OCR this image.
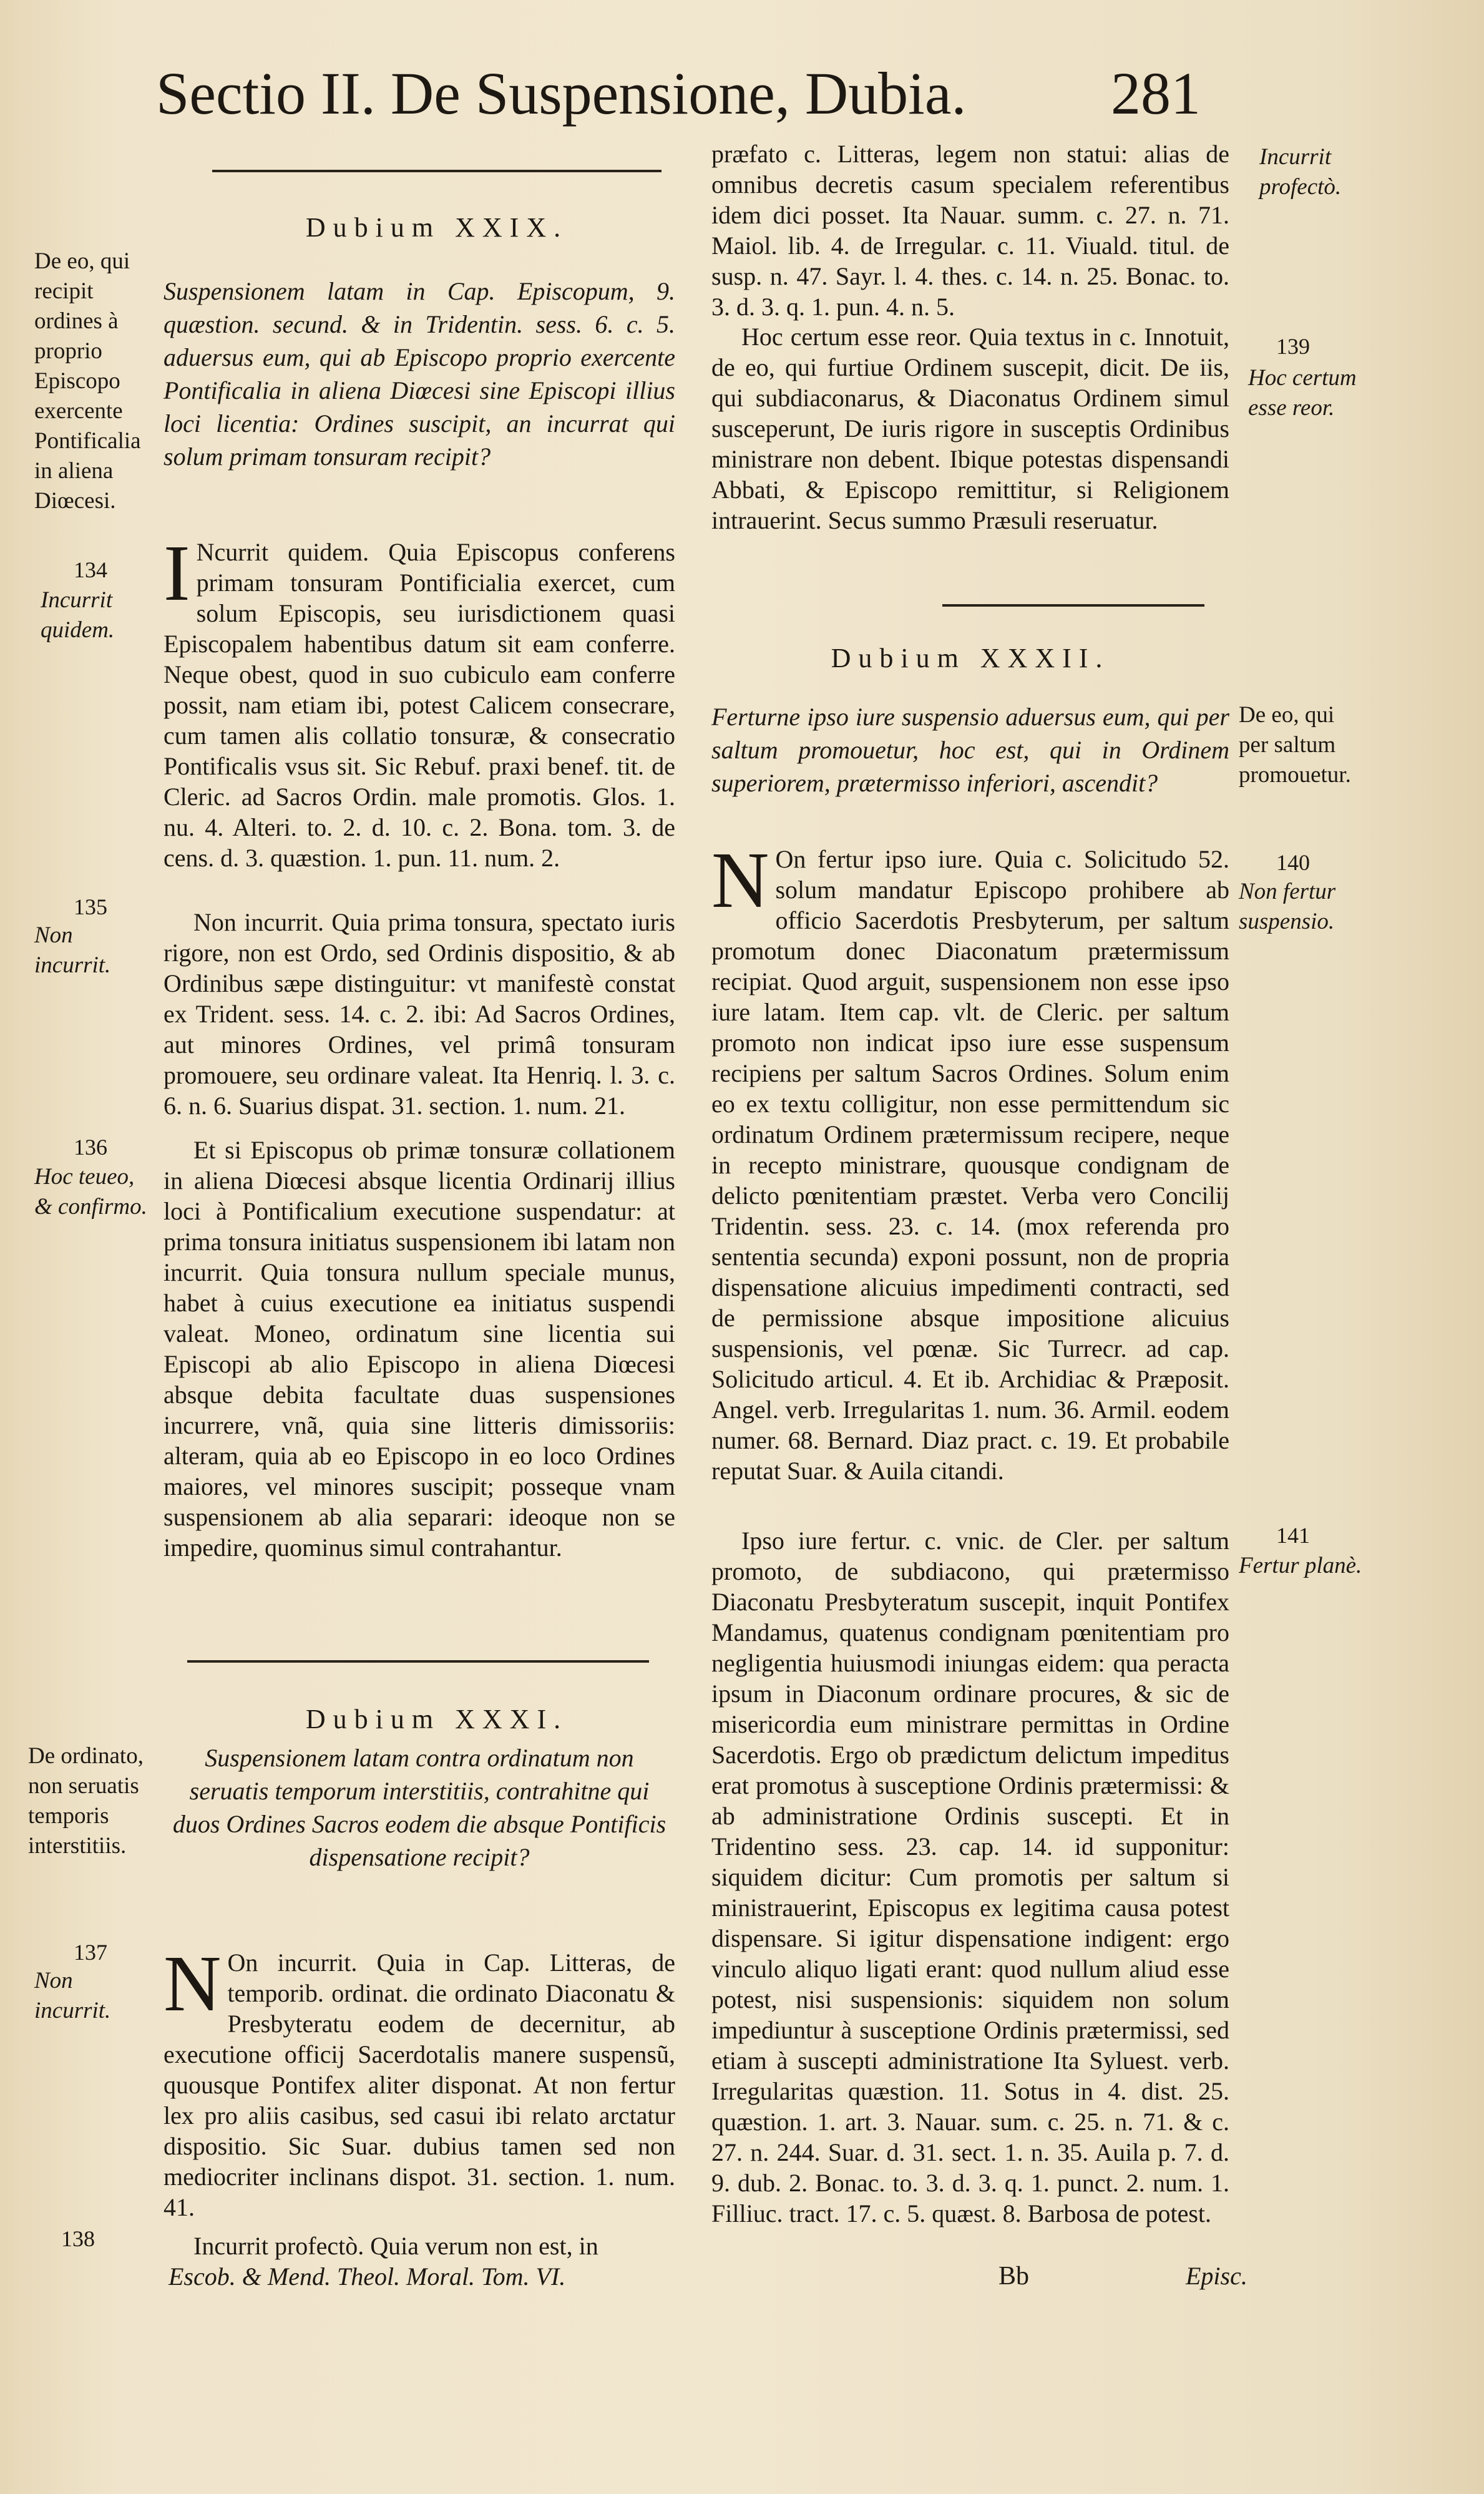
Sectio II. De Suspensione, Dubia. 281
Dubium XXIX.
De eo, qui recipit ordines à proprio Episcopo exercente Pontificalia in aliena Diœcesi.
Suspensionem latam in Cap. Episcopum, 9. quæstion. secund. & in Tridentin. sess. 6. c. 5. aduersus eum, qui ab Episcopo proprio exercente Pontificalia in aliena Diœcesi sine Episcopi illius loci licentia: Ordines suscipit, an incurrat qui solum primam tonsuram recipit?
134
Incurrit quidem.

I Ncurrit quidem. Quia Episcopus conferens primam tonsuram Pontificialia exercet, cum solum Episcopis, seu iurisdictionem quasi Episcopalem habentibus datum sit eam conferre. Neque obest, quod in suo cubiculo eam conferre possit, nam etiam ibi, potest Calicem consecrare, cum tamen alis collatio tonsuræ, & consecratio Pontificalis vsus sit. Sic Rebuf. praxi benef. tit. de Cleric. ad Sacros Ordin. male promotis. Glos. 1. nu. 4. Alteri. to. 2. d. 10. c. 2. Bona. tom. 3. de cens. d. 3. quæstion. 1. pun. 11. num. 2.

135
Non incurrit.

Non incurrit. Quia prima tonsura, spectato iuris rigore, non est Ordo, sed Ordinis dispositio, & ab Ordinibus sæpe distinguitur: vt manifestè constat ex Trident. sess. 14. c. 2. ibi: Ad Sacros Ordines, aut minores Ordines, vel primâ tonsuram promouere, seu ordinare valeat. Ita Henriq. l. 3. c. 6. n. 6. Suarius dispat. 31. section. 1. num. 21.

136
Hoc teueo, & confirmo.

Et si Episcopus ob primæ tonsuræ collationem in aliena Diœcesi absque licentia Ordinarij illius loci à Pontificalium executione suspendatur: at prima tonsura initiatus suspensionem ibi latam non incurrit. Quia tonsura nullum speciale munus, habet à cuius executione ea initiatus suspendi valeat. Moneo, ordinatum sine licentia sui Episcopi ab alio Episcopo in aliena Diœcesi absque debita facultate duas suspensiones incurrere, vnã, quia sine litteris dimissoriis: alteram, quia ab eo Episcopo in eo loco Ordines maiores, vel minores suscipit; posseque vnam suspensionem ab alia separari: ideoque non se impedire, quominus simul contrahantur.

Dubium XXXI.
De ordinato, non seruatis temporis interstitiis.
Suspensionem latam contra ordinatum non seruatis temporum interstitiis, contrahitne qui duos Ordines Sacros eodem die absque Pontificis dispensatione recipit?
137
Non incurrit. N On incurrit. Quia in Cap. Litteras, de temporib. ordinat. die ordinato Diaconatu & Presbyteratu eodem de decernitur, ab executione officij Sacerdotalis manere suspensũ, quousque Pontifex aliter disponat. At non fertur lex pro aliis casibus, sed casui ibi relato arctatur dispositio. Sic Suar. dubius tamen sed non mediocriter inclinans dispot. 31. section. 1. num. 41.

138	Incurrit profectò. Quia verum non est, in

Escob. & Mend. Theol. Moral. Tom. VI.

præfato c. Litteras, legem non statui: alias de omnibus decretis casum specialem referentibus idem dici posset. Ita Nauar. summ. c. 27. n. 71. Maiol. lib. 4. de Irregular. c. 11. Viuald. titul. de susp. n. 47. Sayr. l. 4. thes. c. 14. n. 25. Bonac. to. 3. d. 3. q. 1. pun. 4. n. 5.

Incurrit profectò.
139
Hoc certum esse reor.

Hoc certum esse reor. Quia textus in c. Innotuit, de eo, qui furtiue Ordinem suscepit, dicit. De iis, qui subdiaconarus, & Diaconatus Ordinem simul susceperunt, De iuris rigore in susceptis Ordinibus ministrare non debent. Ibique potestas dispensandi Abbati, & Episcopo remittitur, si Religionem intrauerint. Secus summo Præsuli reseruatur.

Dubium XXXII.
De eo, qui per saltum promouetur.
Ferturne ipso iure suspensio aduersus eum, qui per saltum promouetur, hoc est, qui in Ordinem superiorem, prætermisso inferiori, ascendit?
140
Non fertur suspensio.

N On fertur ipso iure. Quia c. Solicitudo 52. solum mandatur Episcopo prohibere ab officio Sacerdotis Presbyterum, per saltum promotum donec Diaconatum prætermissum recipiat. Quod arguit, suspensionem non esse ipso iure latam. Item cap. vlt. de Cleric. per saltum promoto non indicat ipso iure esse suspensum recipiens per saltum Sacros Ordines. Solum enim eo ex textu colligitur, non esse permittendum sic ordinatum Ordinem prætermissum recipere, neque in recepto ministrare, quousque condignam de delicto pœnitentiam præstet. Verba vero Concilij Tridentin. sess. 23. c. 14. (mox referenda pro sententia secunda) exponi possunt, non de propria dispensatione alicuius impedimenti contracti, sed de permissione absque impositione alicuius suspensionis, vel pœnæ. Sic Turrecr. ad cap. Solicitudo articul. 4. Et ib. Archidiac & Præposit. Angel. verb. Irregularitas 1. num. 36. Armil. eodem numer. 68. Bernard. Diaz pract. c. 19. Et probabile reputat Suar. & Auila citandi.

141
Fertur planè.

Ipso iure fertur. c. vnic. de Cler. per saltum promoto, de subdiacono, qui prætermisso Diaconatu Presbyteratum suscepit, inquit Pontifex Mandamus, quatenus condignam pœnitentiam pro negligentia huiusmodi iniungas eidem: qua peracta ipsum in Diaconum ordinare procures, & sic de misericordia eum ministrare permittas in Ordine Sacerdotis. Ergo ob prædictum delictum impeditus erat promotus à susceptione Ordinis prætermissi: & ab administratione Ordinis suscepti. Et in Tridentino sess. 23. cap. 14. id supponitur: siquidem dicitur: Cum promotis per saltum si ministrauerint, Episcopus ex legitima causa potest dispensare. Si igitur dispensatione indigent: ergo vinculo aliquo ligati erant: quod nullum aliud esse potest, nisi suspensionis: siquidem non solum impediuntur à susceptione Ordinis prætermissi, sed etiam à suscepti administratione Ita Syluest. verb. Irregularitas quæstion. 11. Sotus in 4. dist. 25. quæstion. 1. art. 3. Nauar. sum. c. 25. n. 71. & c. 27. n. 244. Suar. d. 31. sect. 1. n. 35. Auila p. 7. d. 9. dub. 2. Bonac. to. 3. d. 3. q. 1. punct. 2. num. 1. Filliuc. tract. 17. c. 5. quæst. 8. Barbosa de potest.

Bb	Episc.
